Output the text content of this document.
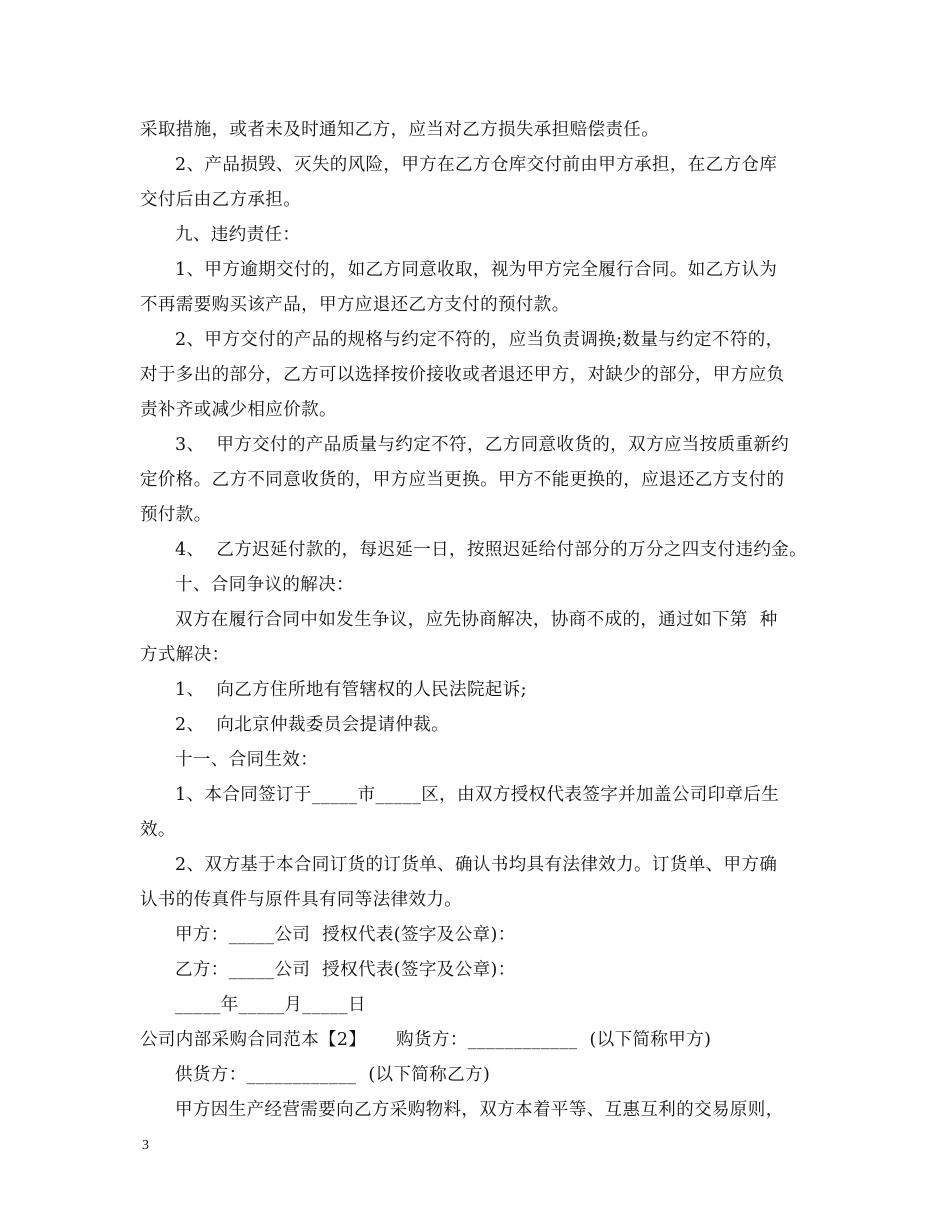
采取措施，或者未及时通知乙方，应当对乙方损失承担赔偿责任。
2、产品损毁、灭失的风险，甲方在乙方仓库交付前由甲方承担，在乙方仓库
交付后由乙方承担。
九、违约责任：
1、甲方逾期交付的，如乙方同意收取，视为甲方完全履行合同。如乙方认为
不再需要购买该产品，甲方应退还乙方支付的预付款。
2、甲方交付的产品的规格与约定不符的，应当负责调换;数量与约定不符的，
对于多出的部分，乙方可以选择按价接收或者退还甲方，对缺少的部分，甲方应负
责补齐或减少相应价款。
3、  甲方交付的产品质量与约定不符，乙方同意收货的，双方应当按质重新约
定价格。乙方不同意收货的，甲方应当更换。甲方不能更换的，应退还乙方支付的
预付款。
4、  乙方迟延付款的，每迟延一日，按照迟延给付部分的万分之四支付违约金。
十、合同争议的解决：
双方在履行合同中如发生争议，应先协商解决，协商不成的，通过如下第  种
方式解决：
1、  向乙方住所地有管辖权的人民法院起诉;
2、  向北京仲裁委员会提请仲裁。
十一、合同生效：
1、本合同签订于_____市_____区，由双方授权代表签字并加盖公司印章后生
效。
2、双方基于本合同订货的订货单、确认书均具有法律效力。订货单、甲方确
认书的传真件与原件具有同等法律效力。
甲方：_____公司  授权代表(签字及公章)：
乙方：_____公司  授权代表(签字及公章)：
_____年_____月_____日
公司内部采购合同范本【2】     购货方：____________  (以下简称甲方)
供货方：____________  (以下简称乙方)
甲方因生产经营需要向乙方采购物料，双方本着平等、互惠互利的交易原则，
3
